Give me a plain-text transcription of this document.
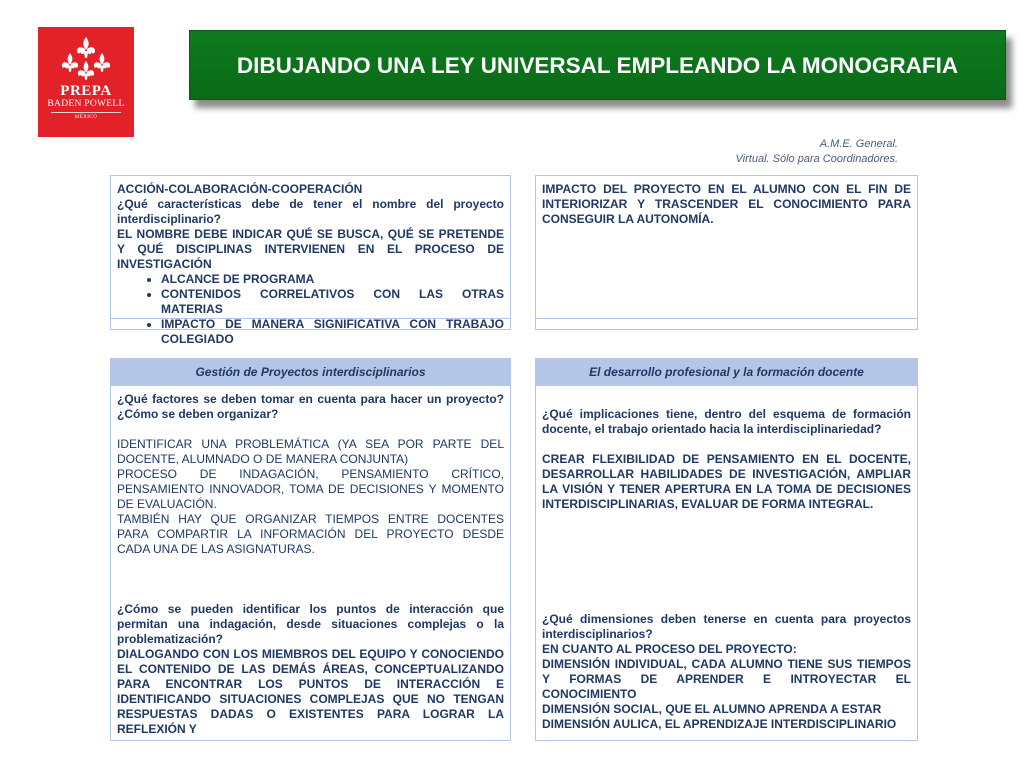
PREPA
BADEN POWELL
MÉXICO
DIBUJANDO UNA LEY UNIVERSAL EMPLEANDO LA MONOGRAFIA
A.M.E. General.
Virtual. Sólo para Coordinadores.

ACCIÓN-COLABORACIÓN-COOPERACIÓN

¿Qué características debe de tener el nombre del proyecto interdisciplinario?

EL NOMBRE DEBE INDICAR QUÉ SE BUSCA, QUÉ SE PRETENDE Y QUÉ DISCIPLINAS INTERVIENEN EN EL PROCESO DE INVESTIGACIÓN

• ALCANCE DE PROGRAMA
• CONTENIDOS CORRELATIVOS CON LAS OTRAS MATERIAS
• IMPACTO DE MANERA SIGNIFICATIVA CON TRABAJO COLEGIADO

IMPACTO DEL PROYECTO EN EL ALUMNO CON EL FIN DE INTERIORIZAR Y TRASCENDER EL CONOCIMIENTO PARA CONSEGUIR LA AUTONOMÍA.

Gestión de Proyectos interdisciplinarios

¿Qué factores se deben tomar en cuenta para hacer un proyecto? ¿Cómo se deben organizar?

IDENTIFICAR UNA PROBLEMÁTICA (YA SEA POR PARTE DEL DOCENTE, ALUMNADO O DE MANERA CONJUNTA)

PROCESO DE INDAGACIÓN, PENSAMIENTO CRÍTICO, PENSAMIENTO INNOVADOR, TOMA DE DECISIONES Y MOMENTO DE EVALUACIÓN.

TAMBIÉN HAY QUE ORGANIZAR TIEMPOS ENTRE DOCENTES PARA COMPARTIR LA INFORMACIÓN DEL PROYECTO DESDE CADA UNA DE LAS ASIGNATURAS.

¿Cómo se pueden identificar los puntos de interacción que permitan una indagación, desde situaciones complejas o la problematización?

DIALOGANDO CON LOS MIEMBROS DEL EQUIPO Y CONOCIENDO EL CONTENIDO DE LAS DEMÁS ÁREAS, CONCEPTUALIZANDO PARA ENCONTRAR LOS PUNTOS DE INTERACCIÓN E IDENTIFICANDO SITUACIONES COMPLEJAS QUE NO TENGAN RESPUESTAS DADAS O EXISTENTES PARA LOGRAR LA REFLEXIÓN Y

El desarrollo profesional y la formación docente

¿Qué implicaciones tiene, dentro del esquema de formación docente, el trabajo orientado hacia la interdisciplinariedad?

CREAR FLEXIBILIDAD DE PENSAMIENTO EN EL DOCENTE, DESARROLLAR HABILIDADES DE INVESTIGACIÓN, AMPLIAR LA VISIÓN Y TENER APERTURA EN LA TOMA DE DECISIONES INTERDISCIPLINARIAS, EVALUAR DE FORMA INTEGRAL.

¿Qué dimensiones deben tenerse en cuenta para proyectos interdisciplinarios?

EN CUANTO AL PROCESO DEL PROYECTO:

DIMENSIÓN INDIVIDUAL, CADA ALUMNO TIENE SUS TIEMPOS Y FORMAS DE APRENDER E INTROYECTAR EL CONOCIMIENTO

DIMENSIÓN SOCIAL, QUE EL ALUMNO APRENDA A ESTAR

DIMENSIÓN AULICA, EL APRENDIZAJE INTERDISCIPLINARIO
